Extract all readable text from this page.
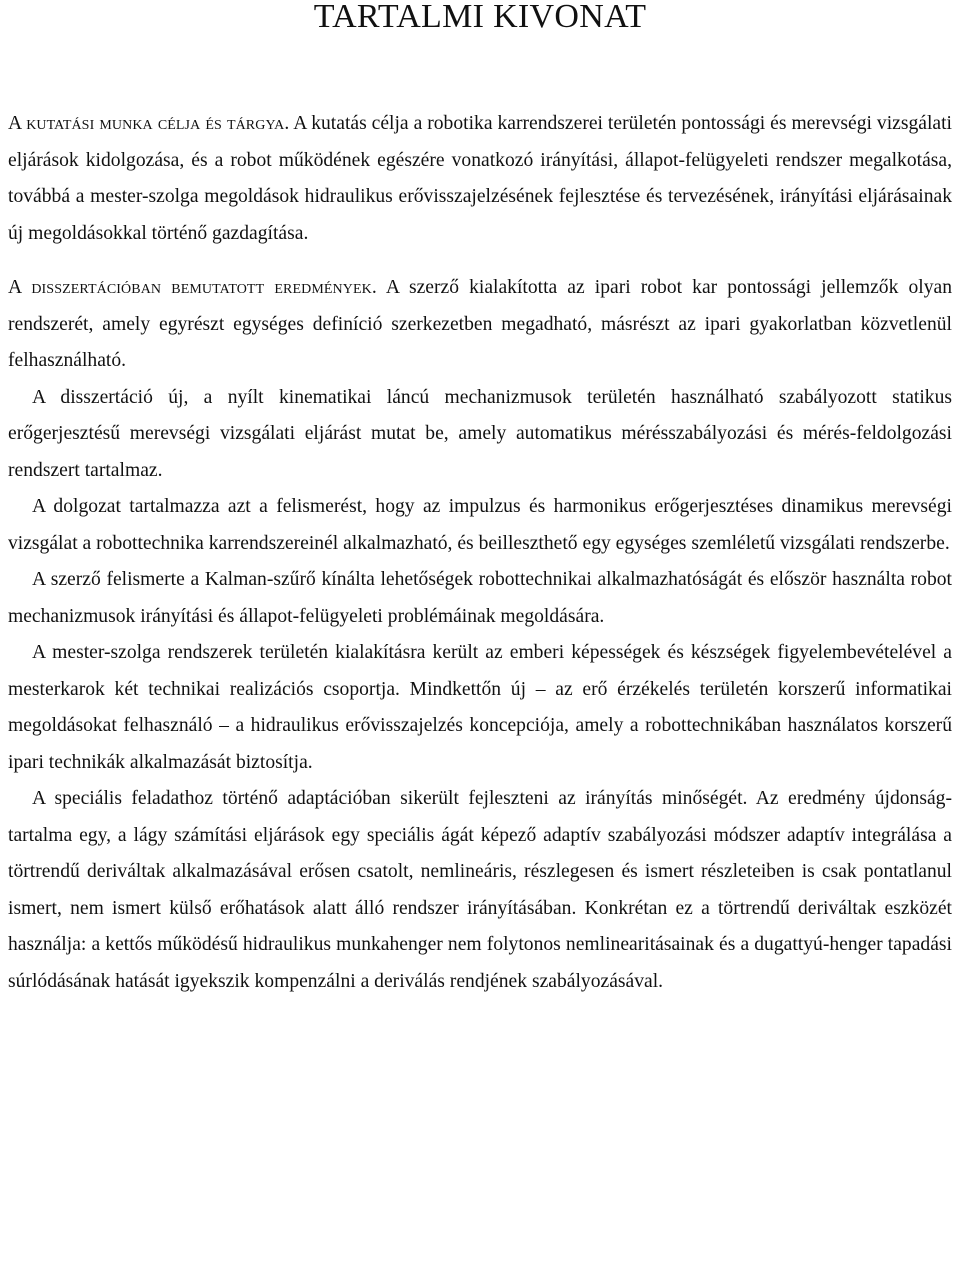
TARTALMI KIVONAT

A kutatási munka célja és tárgya. A kutatás célja a robotika karrendszerei területén pontossági és merevségi vizsgálati eljárások kidolgozása, és a robot működének egészére vonatkozó irányítási, állapot-felügyeleti rendszer megalkotása, továbbá a mester-szolga megoldások hidraulikus erővisszajelzésének fejlesztése és tervezésének, irányítási eljárásainak új megoldásokkal történő gazdagítása.

A disszertációban bemutatott eredmények. A szerző kialakította az ipari robot kar pontossági jellemzők olyan rendszerét, amely egyrészt egységes definíció szerkezetben megadható, másrészt az ipari gyakorlatban közvetlenül felhasználható.

A disszertáció új, a nyílt kinematikai láncú mechanizmusok területén használható szabályozott statikus erőgerjesztésű merevségi vizsgálati eljárást mutat be, amely automatikus mérésszabályozási és mérés-feldolgozási rendszert tartalmaz.

A dolgozat tartalmazza azt a felismerést, hogy az impulzus és harmonikus erőgerjesztéses dinamikus merevségi vizsgálat a robottechnika karrendszereinél alkalmazható, és beilleszthető egy egységes szemléletű vizsgálati rendszerbe.

A szerző felismerte a Kalman-szűrő kínálta lehetőségek robottechnikai alkalmazhatóságát és először használta robot mechanizmusok irányítási és állapot-felügyeleti problémáinak megoldására.

A mester-szolga rendszerek területén kialakításra került az emberi képességek és készségek figyelembevételével a mesterkarok két technikai realizációs csoportja. Mindkettőn új – az erő érzékelés területén korszerű informatikai megoldásokat felhasználó – a hidraulikus erővisszajelzés koncepciója, amely a robottechnikában használatos korszerű ipari technikák alkalmazását biztosítja.

A speciális feladathoz történő adaptációban sikerült fejleszteni az irányítás minőségét. Az eredmény újdonság-tartalma egy, a lágy számítási eljárások egy speciális ágát képező adaptív szabályozási módszer adaptív integrálása a törtrendű deriváltak alkalmazásával erősen csatolt, nemlineáris, részlegesen és ismert részleteiben is csak pontatlanul ismert, nem ismert külső erőhatások alatt álló rendszer irányításában. Konkrétan ez a törtrendű deriváltak eszközét használja: a kettős működésű hidraulikus munkahenger nem folytonos nemlinearitásainak és a dugattyú-henger tapadási súrlódásának hatását igyekszik kompenzálni a deriválás rendjének szabályozásával.
